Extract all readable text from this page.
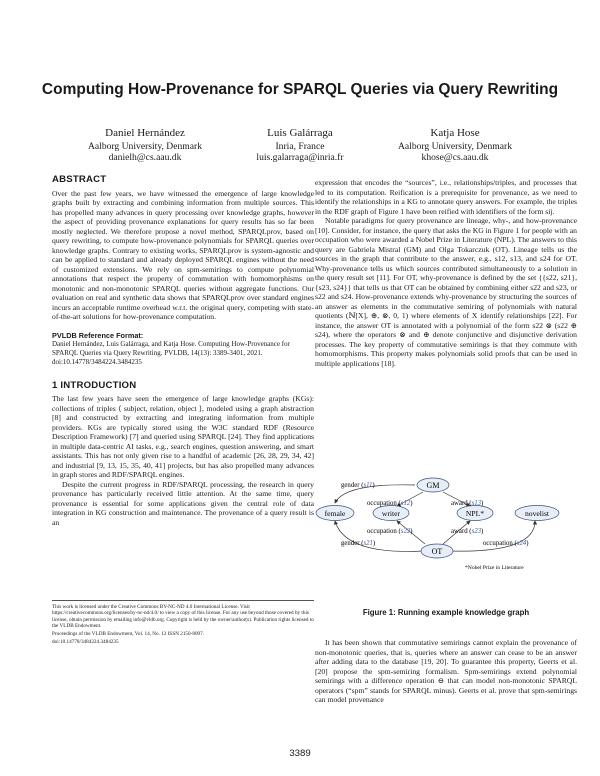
Computing How-Provenance for SPARQL Queries via Query Rewriting
Daniel Hernández
Aalborg University, Denmark
danielh@cs.aau.dk
Luis Galárraga
Inria, France
luis.galarraga@inria.fr
Katja Hose
Aalborg University, Denmark
khose@cs.aau.dk
ABSTRACT

Over the past few years, we have witnessed the emergence of large knowledge graphs built by extracting and combining information from multiple sources. This has propelled many advances in query processing over knowledge graphs, however the aspect of providing provenance explanations for query results has so far been mostly neglected. We therefore propose a novel method, SPARQLprov, based on query rewriting, to compute how-provenance polynomials for SPARQL queries over knowledge graphs. Contrary to existing works, SPARQLprov is system-agnostic and can be applied to standard and already deployed SPARQL engines without the need of customized extensions. We rely on spm-semirings to compute polynomial annotations that respect the property of commutation with homomorphisms on monotonic and non-monotonic SPARQL queries without aggregate functions. Our evaluation on real and synthetic data shows that SPARQLprov over standard engines incurs an acceptable runtime overhead w.r.t. the original query, competing with state-of-the-art solutions for how-provenance computation.

PVLDB Reference Format:

Daniel Hernández, Luis Galárraga, and Katja Hose. Computing How-Provenance for SPARQL Queries via Query Rewriting. PVLDB, 14(13): 3389-3401, 2021.

doi:10.14778/3484224.3484235

1 INTRODUCTION

The last few years have seen the emergence of large knowledge graphs (KGs): collections of triples ⟨ subject, relation, object ⟩, modeled using a graph abstraction [8] and constructed by extracting and integrating information from multiple providers. KGs are typically stored using the W3C standard RDF (Resource Description Framework) [7] and queried using SPARQL [24]. They find applications in multiple data-centric AI tasks, e.g., search engines, question answering, and smart assistants. This has not only given rise to a handful of academic [26, 28, 29, 34, 42] and industrial [9, 13, 15, 35, 40, 41] projects, but has also propelled many advances in graph stores and RDF/SPARQL engines.

Despite the current progress in RDF/SPARQL processing, the research in query provenance has particularly received little attention. At the same time, query provenance is essential for some applications given the central role of data integration in KG construction and maintenance. The provenance of a query result is an

This work is licensed under the Creative Commons BY-NC-ND 4.0 International License. Visit https://creativecommons.org/licenses/by-nc-nd/4.0/ to view a copy of this license. For any use beyond those covered by this license, obtain permission by emailing info@vldb.org. Copyright is held by the owner/author(s). Publication rights licensed to the VLDB Endowment.

Proceedings of the VLDB Endowment, Vol. 14, No. 13 ISSN 2150-8097.

doi:10.14778/3484224.3484235

expression that encodes the “sources”, i.e., relationships/triples, and processes that led to its computation. Reification is a prerequisite for provenance, as we need to identify the relationships in a KG to annotate query answers. For example, the triples in the RDF graph of Figure 1 have been reified with identifiers of the form sij.

Notable paradigms for query provenance are lineage, why-, and how-provenance [10]. Consider, for instance, the query that asks the KG in Figure 1 for people with an occupation who were awarded a Nobel Prize in Literature (NPL). The answers to this query are Gabriela Mistral (GM) and Olga Tokarczuk (OT). Lineage tells us the sources in the graph that contribute to the answer, e.g., s12, s13, and s24 for OT. Why-provenance tells us which sources contributed simultaneously to a solution in the query result set [11]. For OT, why-provenance is defined by the set {{s22, s21}, {s23, s24}} that tells us that OT can be obtained by combining either s22 and s23, or s22 and s24. How-provenance extends why-provenance by structuring the sources of an answer as elements in the commutative semiring of polynomials with natural quotients (ℕ[X], ⊕, ⊗, 0, 1) where elements of X identify relationships [22]. For instance, the answer OT is annotated with a polynomial of the form s22 ⊗ (s22 ⊕ s24), where the operators ⊗ and ⊕ denote conjunctive and disjunctive derivation processes. The key property of commutative semirings is that they commute with homomorphisms. This property makes polynomials solid proofs that can be used in multiple applications [18].

GM
female	writer	NPL*	novelist
OT
gender (s11)
occupation (s12)	award (s13)
occupation (s22)	award (s23)
gender (s21)	occupation (s24)
*Nobel Prize in Literature
Figure 1: Running example knowledge graph

It has been shown that commutative semirings cannot explain the provenance of non-monotonic queries, that is, queries where an answer can cease to be an answer after adding data to the database [19, 20]. To guarantee this property, Geerts et al. [20] propose the spm-semiring formalism. Spm-semirings extend polynomial semirings with a difference operation ⊖ that can model non-monotonic SPARQL operators (“spm” stands for SPARQL minus). Geerts et al. prove that spm-semirings can model provenance

3389
